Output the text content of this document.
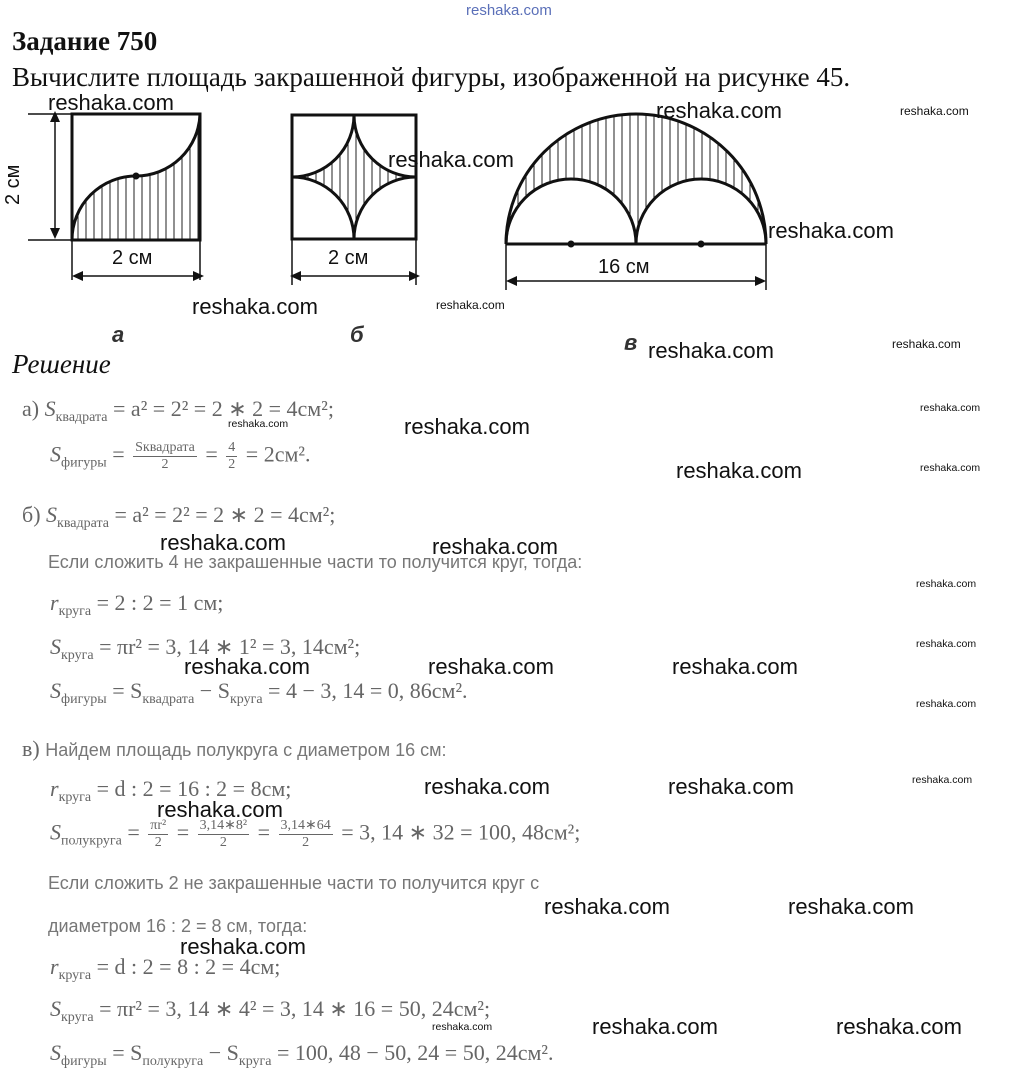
reshaka.com
Задание 750
Вычислите площадь закрашенной фигуры, изображенной на рисунке 45.
2 см
2 см
а
2 см
б
16 см
в
Решение
а) $S_{квадрата} = a^2 = 2^2 = 2$ ∗ 2 = 4см²;
$S_{фигуры} = \frac{\text{Sквадрата}}{2} = \frac{4}{2} = 2см^2$.
б) $S_{квадрата} = a^2 = 2^2 = 2$ ∗ 2 = 4см²;
Если сложить 4 не закрашенные части то получится круг, тогда:
$r_{круга} = 2$ : 2 = 1 см;
$S_{круга} = \pi r^2 = 3$, 14 ∗ 1² = 3, 14см²;
$S_{фигуры} = S_{квадрата} - S_{круга} = 4 - 3$, 14 = 0, 86см².
в) Найдем площадь полукруга с диаметром 16 см:
$r_{круга} = d$ : 2 = 16 : 2 = 8см;
$S_{полукруга} = \frac{\text{πr²}}{2} = \frac{\text{3,14∗8²}}{2} = \frac{3,14∗64}{2} = 3$, 14 ∗ 32 = 100, 48см²;
Если сложить 2 не закрашенные части то получится круг с
диаметром 16 : 2 = 8 см, тогда:
$r_{круга} = d$ : 2 = 8 : 2 = 4см;
$S_{круга} = \pi r^2 = 3$, 14 ∗ 4² = 3, 14 ∗ 16 = 50, 24см²;
$S_{фигуры} = S_{полукруга} - S_{круга} = 100$, 48 − 50, 24 = 50, 24см².
reshaka.com	reshaka.com	reshaka.com
reshaka.com
reshaka.com
reshaka.com	reshaka.com
reshaka.com	reshaka.com
reshaka.com	reshaka.com
reshaka.com
reshaka.com	reshaka.com
reshaka.com	reshaka.com
reshaka.com
reshaka.com
reshaka.com	reshaka.com	reshaka.com
reshaka.com
reshaka.com	reshaka.com	reshaka.com
reshaka.com
reshaka.com	reshaka.com
reshaka.com
reshaka.com	reshaka.com
reshaka.com
